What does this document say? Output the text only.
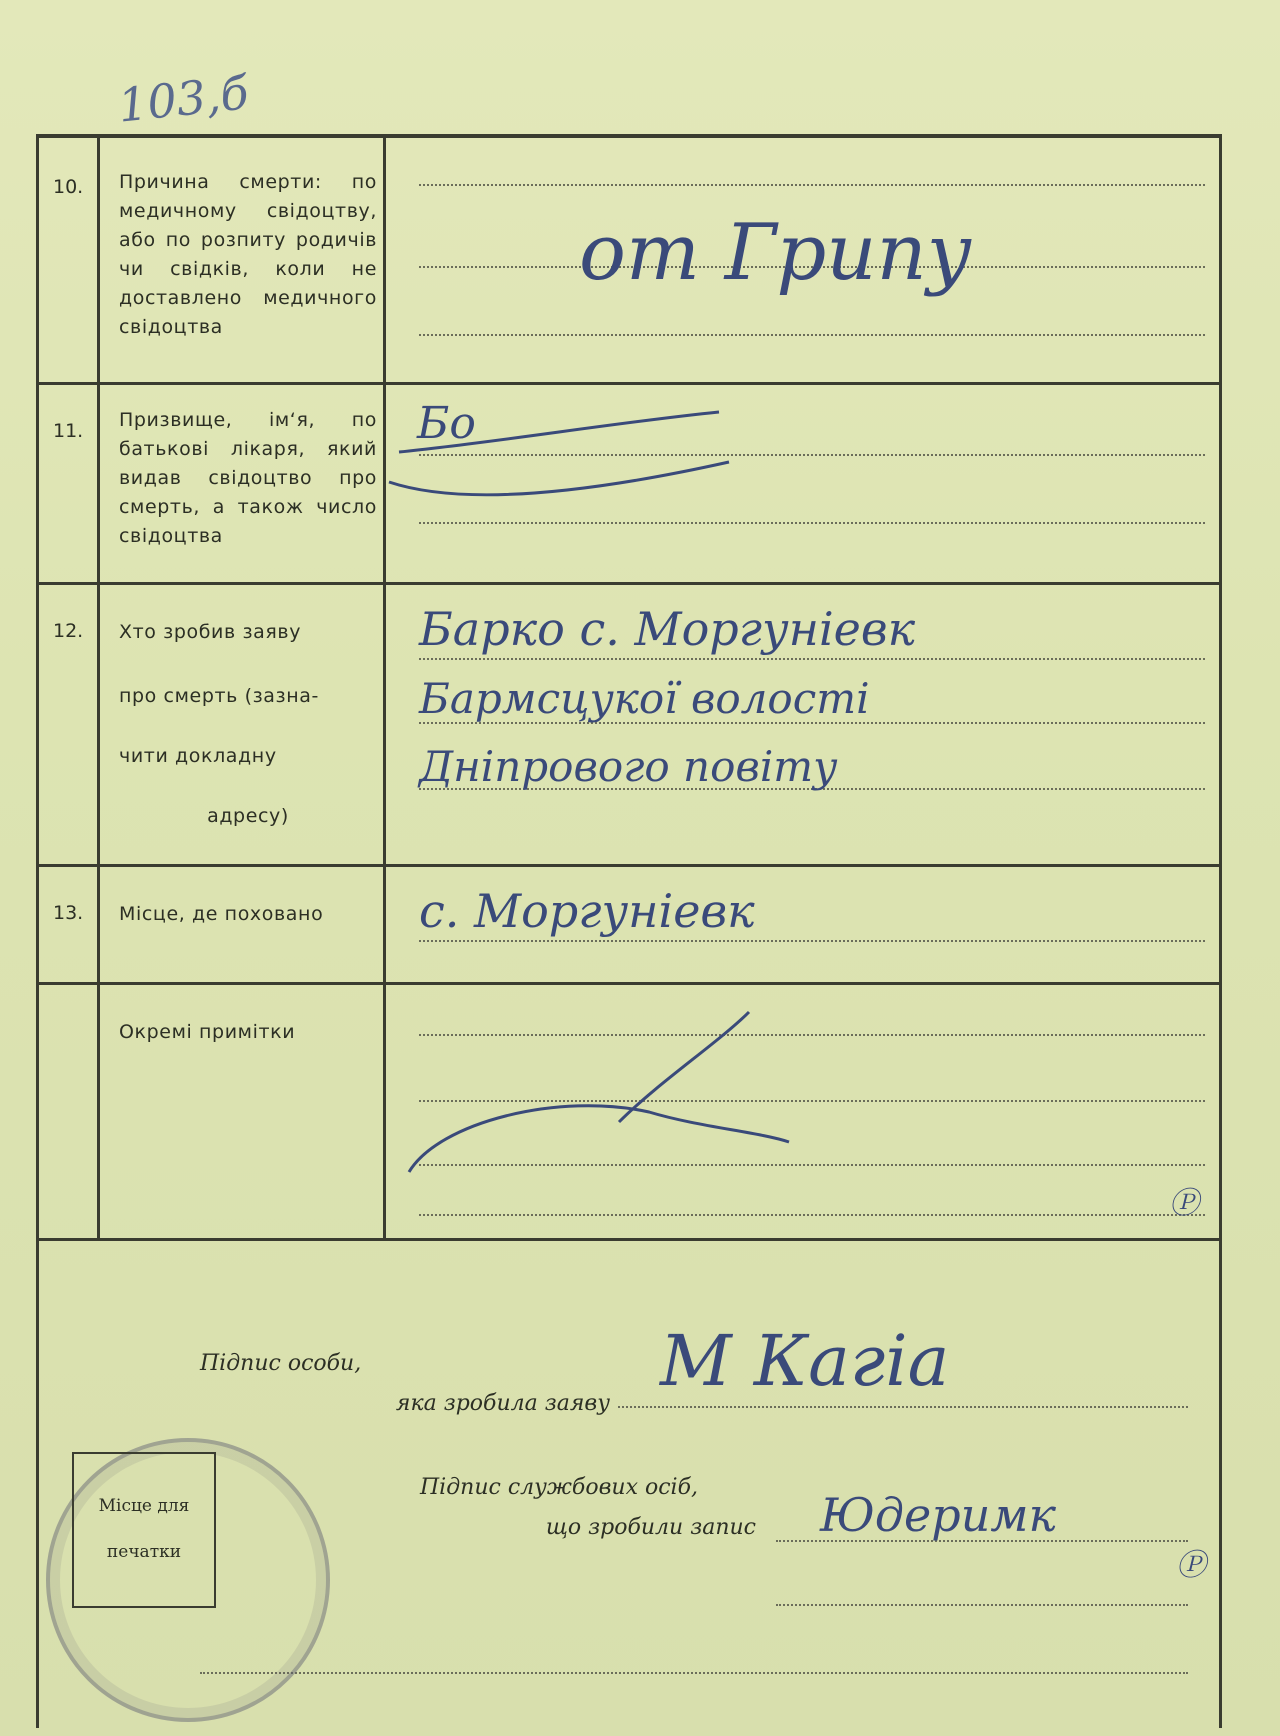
103,б
10. Причина смерти: по медичному свідоцтву, або по розпиту родичів чи свідків, коли не доставлено медичного свідоцтва
от Грипу
11. Призвище, ім‘я, по батькові лікаря, який видав свідоцтво про смерть, а також число свідоцтва
Бо
12. Хто зробив заяву
про смерть (зазна-
чити докладну
адресу)
Барко с. Моргуніевк
Бармсцукої волості
Дніпрового повіту
13. Місце, де поховано	с. Моргуніевк
Окремі примітки
Ⓟ
Підпис особи,
яка зробила заяву
М Кагіа
Підпис службових осіб,
що зробили запис Юдеримк
Ⓟ
Місце для
печатки
